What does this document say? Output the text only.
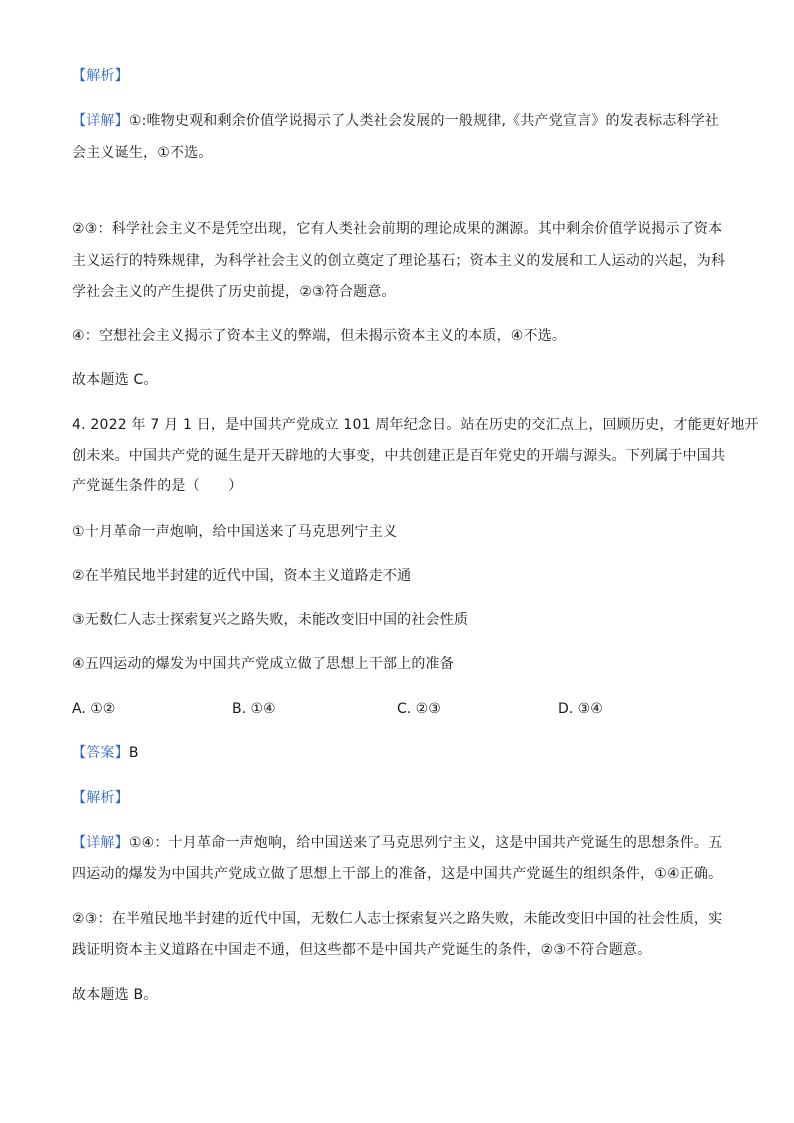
【解析】
【详解】①:唯物史观和剩余价值学说揭示了人类社会发展的一般规律,《共产党宣言》的发表标志科学社
会主义诞生，①不选。
②③：科学社会主义不是凭空出现，它有人类社会前期的理论成果的渊源。其中剩余价值学说揭示了资本
主义运行的特殊规律，为科学社会主义的创立奠定了理论基石；资本主义的发展和工人运动的兴起，为科
学社会主义的产生提供了历史前提，②③符合题意。
④：空想社会主义揭示了资本主义的弊端，但未揭示资本主义的本质，④不选。
故本题选 C。
4. 2022 年 7 月 1 日，是中国共产党成立 101 周年纪念日。站在历史的交汇点上，回顾历史，才能更好地开
创未来。中国共产党的诞生是开天辟地的大事变，中共创建正是百年党史的开端与源头。下列属于中国共
产党诞生条件的是（　　）
①十月革命一声炮响，给中国送来了马克思列宁主义
②在半殖民地半封建的近代中国，资本主义道路走不通
③无数仁人志士探索复兴之路失败，未能改变旧中国的社会性质
④五四运动的爆发为中国共产党成立做了思想上干部上的准备
A. ①②	B. ①④	C. ②③	D. ③④
【答案】B
【解析】
【详解】①④：十月革命一声炮响，给中国送来了马克思列宁主义，这是中国共产党诞生的思想条件。五
四运动的爆发为中国共产党成立做了思想上干部上的准备，这是中国共产党诞生的组织条件，①④正确。
②③：在半殖民地半封建的近代中国，无数仁人志士探索复兴之路失败，未能改变旧中国的社会性质，实
践证明资本主义道路在中国走不通，但这些都不是中国共产党诞生的条件，②③不符合题意。
故本题选 B。
